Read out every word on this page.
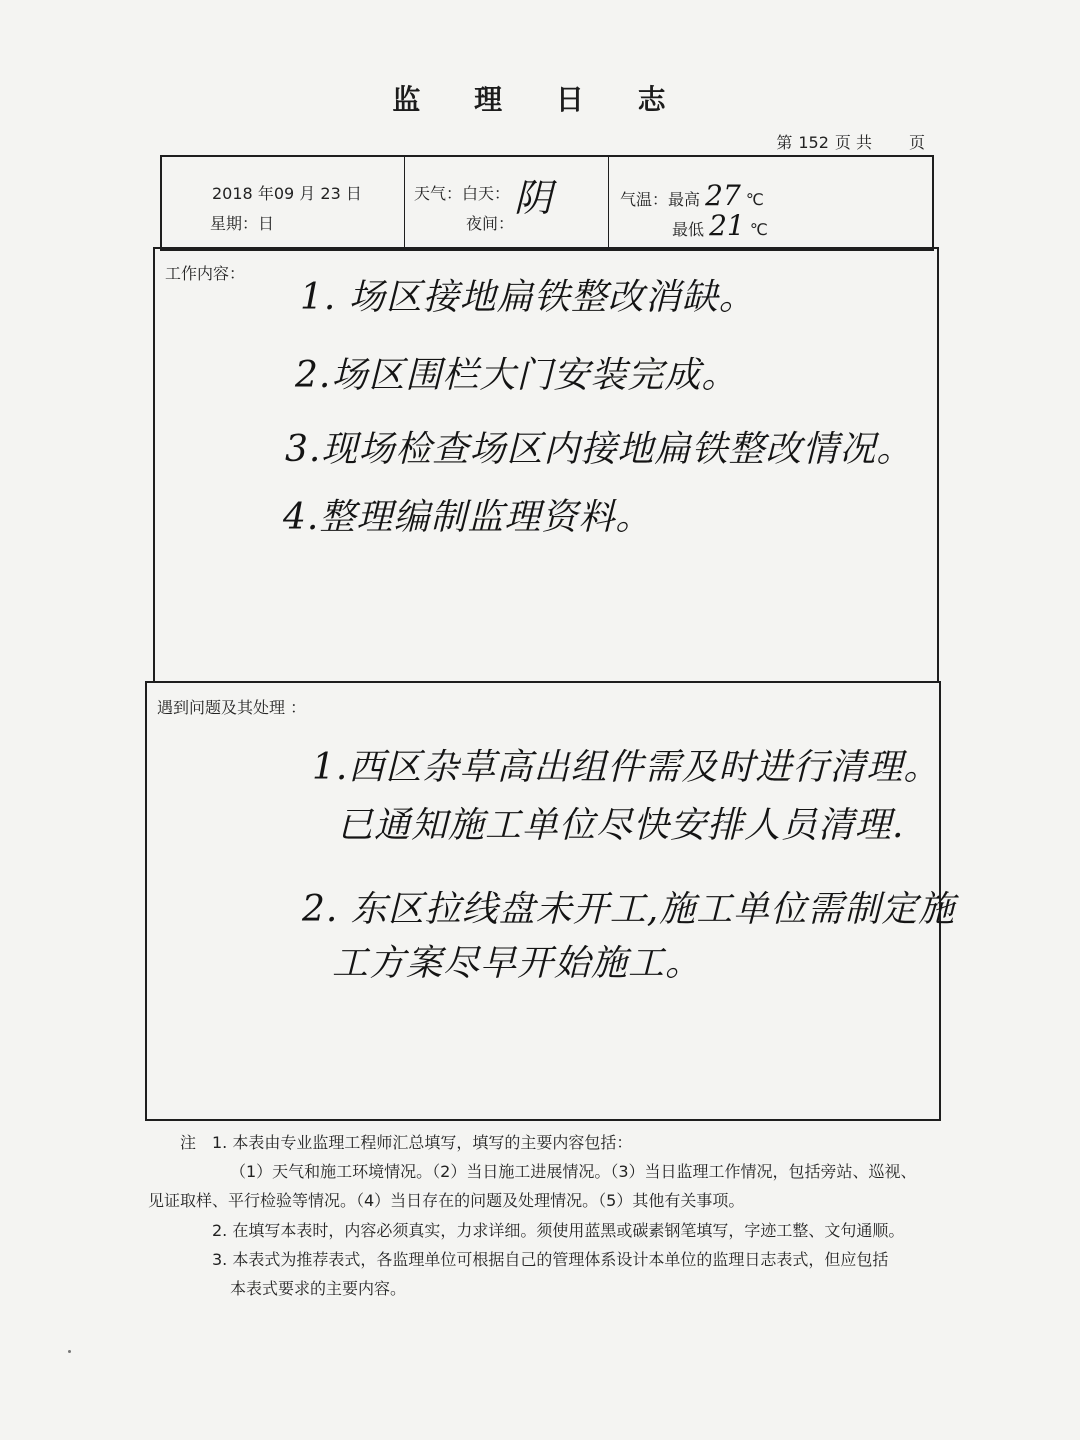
监 理 日 志
第 152 页 共 页
2018 年09 月 23 日
星期：日
天气：白天： 阴
夜间：
气温：最高 27 ℃
最低 21 ℃
工作内容：
1. 场区接地扁铁整改消缺。
2.场区围栏大门安装完成。
3.现场检查场区内接地扁铁整改情况。
4.整理编制监理资料。
遇到问题及其处理 ：
1.西区杂草高出组件需及时进行清理。
已通知施工单位尽快安排人员清理.
2. 东区拉线盘未开工,施工单位需制定施
工方案尽早开始施工。
注 1. 本表由专业监理工程师汇总填写，填写的主要内容包括：
（1）天气和施工环境情况。（2）当日施工进展情况。（3）当日监理工作情况，包括旁站、巡视、
见证取样、平行检验等情况。（4）当日存在的问题及处理情况。（5）其他有关事项。
2. 在填写本表时，内容必须真实，力求详细。须使用蓝黑或碳素钢笔填写，字迹工整、文句通顺。
3. 本表式为推荐表式，各监理单位可根据自己的管理体系设计本单位的监理日志表式，但应包括
本表式要求的主要内容。
